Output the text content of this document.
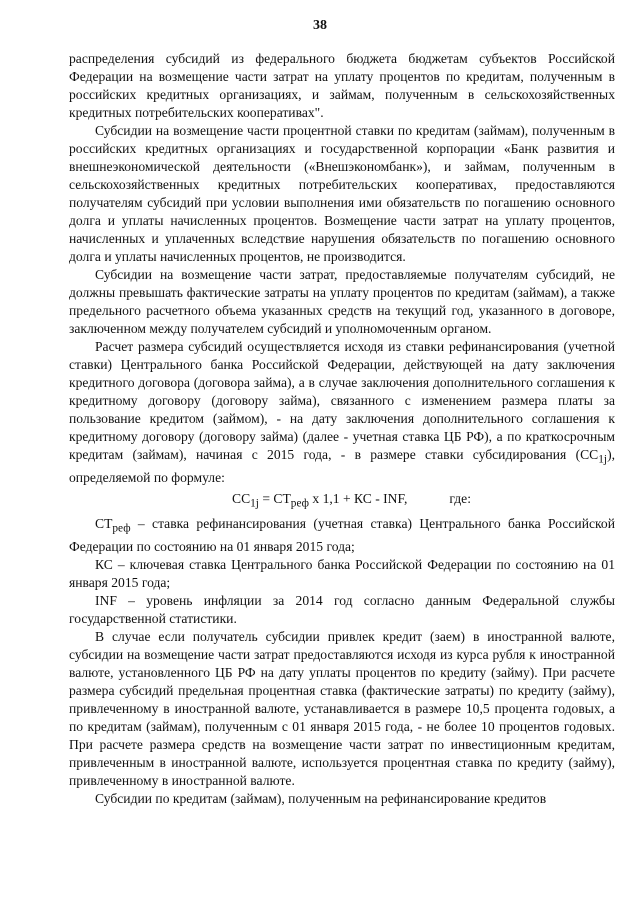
38

распределения субсидий из федерального бюджета бюджетам субъектов Российской Федерации на возмещение части затрат на уплату процентов по кредитам, полученным в российских кредитных организациях, и займам, полученным в сельскохозяйственных кредитных потребительских кооперативах".

Субсидии на возмещение части процентной ставки по кредитам (займам), полученным в российских кредитных организациях и государственной корпорации «Банк развития и внешнеэкономической деятельности («Внешэкономбанк»), и займам, полученным в сельскохозяйственных кредитных потребительских кооперативах, предоставляются получателям субсидий при условии выполнения ими обязательств по погашению основного долга и уплаты начисленных процентов. Возмещение части затрат на уплату процентов, начисленных и уплаченных вследствие нарушения обязательств по погашению основного долга и уплаты начисленных процентов, не производится.

Субсидии на возмещение части затрат, предоставляемые получателям субсидий, не должны превышать фактические затраты на уплату процентов по кредитам (займам), а также предельного расчетного объема указанных средств на текущий год, указанного в договоре, заключенном между получателем субсидий и уполномоченным органом.

Расчет размера субсидий осуществляется исходя из ставки рефинансирования (учетной ставки) Центрального банка Российской Федерации, действующей на дату заключения кредитного договора (договора займа), а в случае заключения дополнительного соглашения к кредитному договору (договору займа), связанного с изменением размера платы за пользование кредитом (займом), - на дату заключения дополнительного соглашения к кредитному договору (договору займа) (далее - учетная ставка ЦБ РФ), а по краткосрочным кредитам (займам), начиная с 2015 года, - в размере ставки субсидирования $(СС_{1j})$, определяемой по формуле:

$СС_{1j} = СТ_{реф}$ х 1,1 + КС - INF,	где:

$СТ_{реф}$ – ставка рефинансирования (учетная ставка) Центрального банка Российской Федерации по состоянию на 01 января 2015 года;

КС – ключевая ставка Центрального банка Российской Федерации по состоянию на 01 января 2015 года;

INF – уровень инфляции за 2014 год согласно данным Федеральной службы государственной статистики.

В случае если получатель субсидии привлек кредит (заем) в иностранной валюте, субсидии на возмещение части затрат предоставляются исходя из курса рубля к иностранной валюте, установленного ЦБ РФ на дату уплаты процентов по кредиту (займу). При расчете размера субсидий предельная процентная ставка (фактические затраты) по кредиту (займу), привлеченному в иностранной валюте, устанавливается в размере 10,5 процента годовых, а по кредитам (займам), полученным с 01 января 2015 года, - не более 10 процентов годовых. При расчете размера средств на возмещение части затрат по инвестиционным кредитам, привлеченным в иностранной валюте, используется процентная ставка по кредиту (займу), привлеченному в иностранной валюте.

Субсидии по кредитам (займам), полученным на рефинансирование кредитов
